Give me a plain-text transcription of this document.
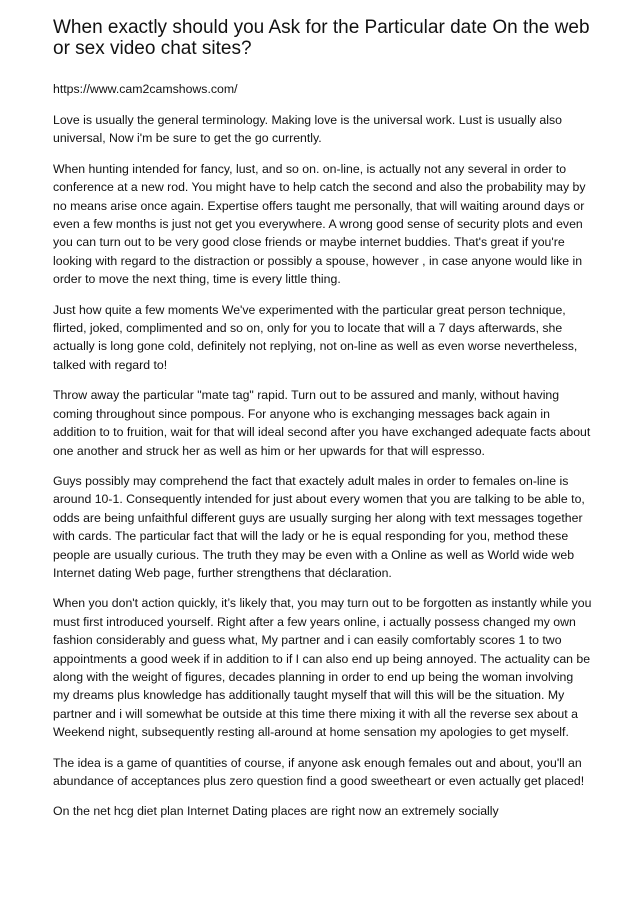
When exactly should you Ask for the Particular date On the web or sex video chat sites?
https://www.cam2camshows.com/

Love is usually the general terminology. Making love is the universal work. Lust is usually also universal, Now i'm be sure to get the go currently.

When hunting intended for fancy, lust, and so on. on-line, is actually not any several in order to conference at a new rod. You might have to help catch the second and also the probability may by no means arise once again. Expertise offers taught me personally, that will waiting around days or even a few months is just not get you everywhere. A wrong good sense of security plots and even you can turn out to be very good close friends or maybe internet buddies. That's great if you're looking with regard to the distraction or possibly a spouse, however , in case anyone would like in order to move the next thing, time is every little thing.

Just how quite a few moments We've experimented with the particular great person technique, flirted, joked, complimented and so on, only for you to locate that will a 7 days afterwards, she actually is long gone cold, definitely not replying, not on-line as well as even worse nevertheless, talked with regard to!

Throw away the particular "mate tag" rapid. Turn out to be assured and manly, without having coming throughout since pompous. For anyone who is exchanging messages back again in addition to to fruition, wait for that will ideal second after you have exchanged adequate facts about one another and struck her as well as him or her upwards for that will espresso.

Guys possibly may comprehend the fact that exactely adult males in order to females on-line is around 10-1. Consequently intended for just about every women that you are talking to be able to, odds are being unfaithful different guys are usually surging her along with text messages together with cards. The particular fact that will the lady or he is equal responding for you, method these people are usually curious. The truth they may be even with a Online as well as World wide web Internet dating Web page, further strengthens that déclaration.

When you don't action quickly, it’s likely that, you may turn out to be forgotten as instantly while you must first introduced yourself. Right after a few years online, i actually possess changed my own fashion considerably and guess what, My partner and i can easily comfortably scores 1 to two appointments a good week if in addition to if I can also end up being annoyed. The actuality can be along with the weight of figures, decades planning in order to end up being the woman involving my dreams plus knowledge has additionally taught myself that will this will be the situation. My partner and i will somewhat be outside at this time there mixing it with all the reverse sex about a Weekend night, subsequently resting all-around at home sensation my apologies to get myself.

The idea is a game of quantities of course, if anyone ask enough females out and about, you'll an abundance of acceptances plus zero question find a good sweetheart or even actually get placed!

On the net hcg diet plan Internet Dating places are right now an extremely socially
